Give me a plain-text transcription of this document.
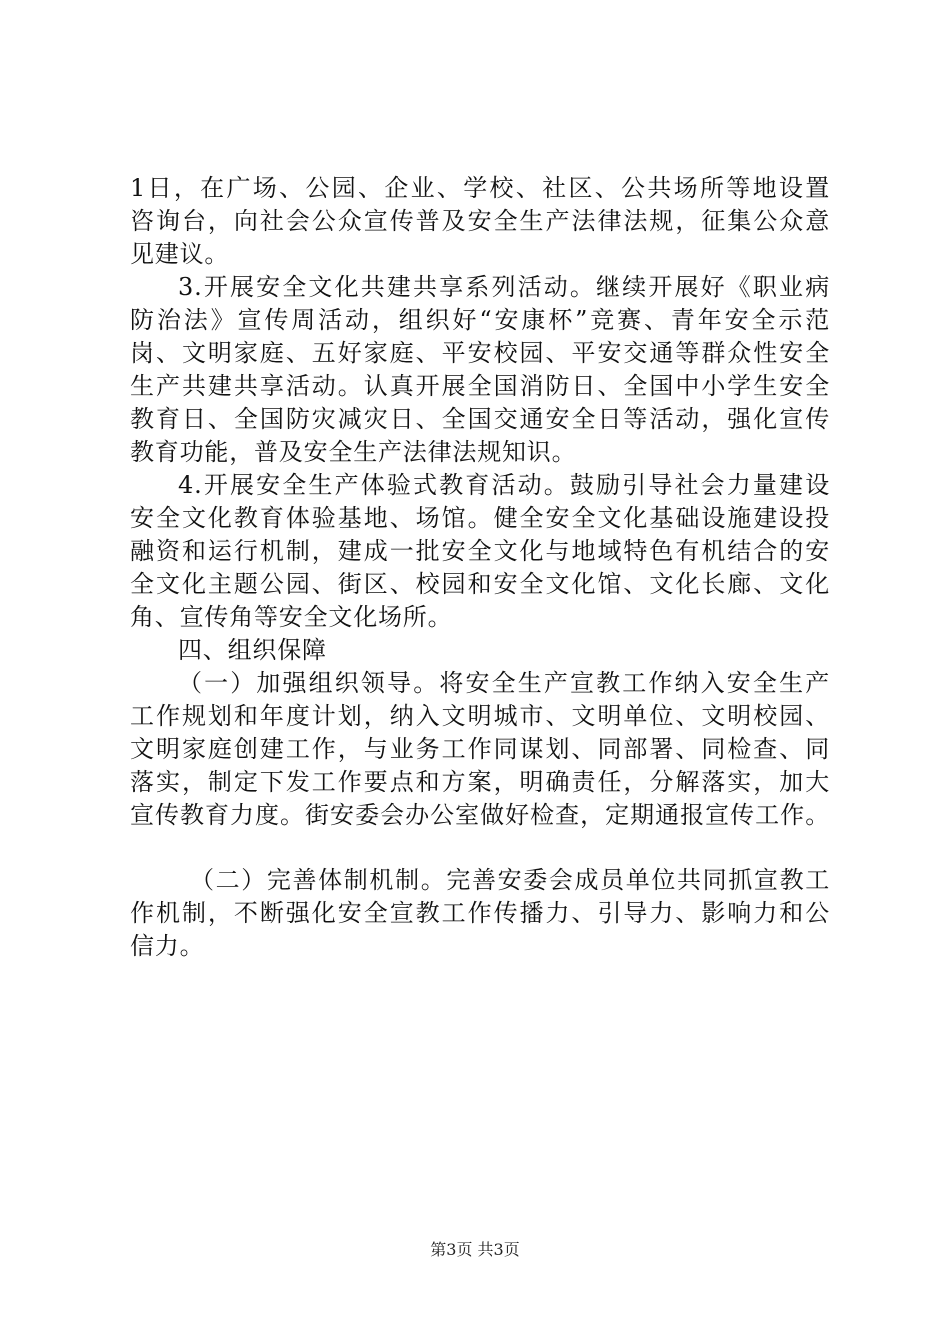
1日，在广场、公园、企业、学校、社区、公共场所等地设置
咨询台，向社会公众宣传普及安全生产法律法规，征集公众意
见建议。
3.开展安全文化共建共享系列活动。继续开展好《职业病
防治法》宣传周活动，组织好“安康杯”竞赛、青年安全示范
岗、文明家庭、五好家庭、平安校园、平安交通等群众性安全
生产共建共享活动。认真开展全国消防日、全国中小学生安全
教育日、全国防灾减灾日、全国交通安全日等活动，强化宣传
教育功能，普及安全生产法律法规知识。
4.开展安全生产体验式教育活动。鼓励引导社会力量建设
安全文化教育体验基地、场馆。健全安全文化基础设施建设投
融资和运行机制，建成一批安全文化与地域特色有机结合的安
全文化主题公园、街区、校园和安全文化馆、文化长廊、文化
角、宣传角等安全文化场所。
四、组织保障
（一）加强组织领导。将安全生产宣教工作纳入安全生产
工作规划和年度计划，纳入文明城市、文明单位、文明校园、
文明家庭创建工作，与业务工作同谋划、同部署、同检查、同
落实，制定下发工作要点和方案，明确责任，分解落实，加大
宣传教育力度。街安委会办公室做好检查，定期通报宣传工作。
（二）完善体制机制。完善安委会成员单位共同抓宣教工
作机制，不断强化安全宣教工作传播力、引导力、影响力和公
信力。
第3页 共3页
